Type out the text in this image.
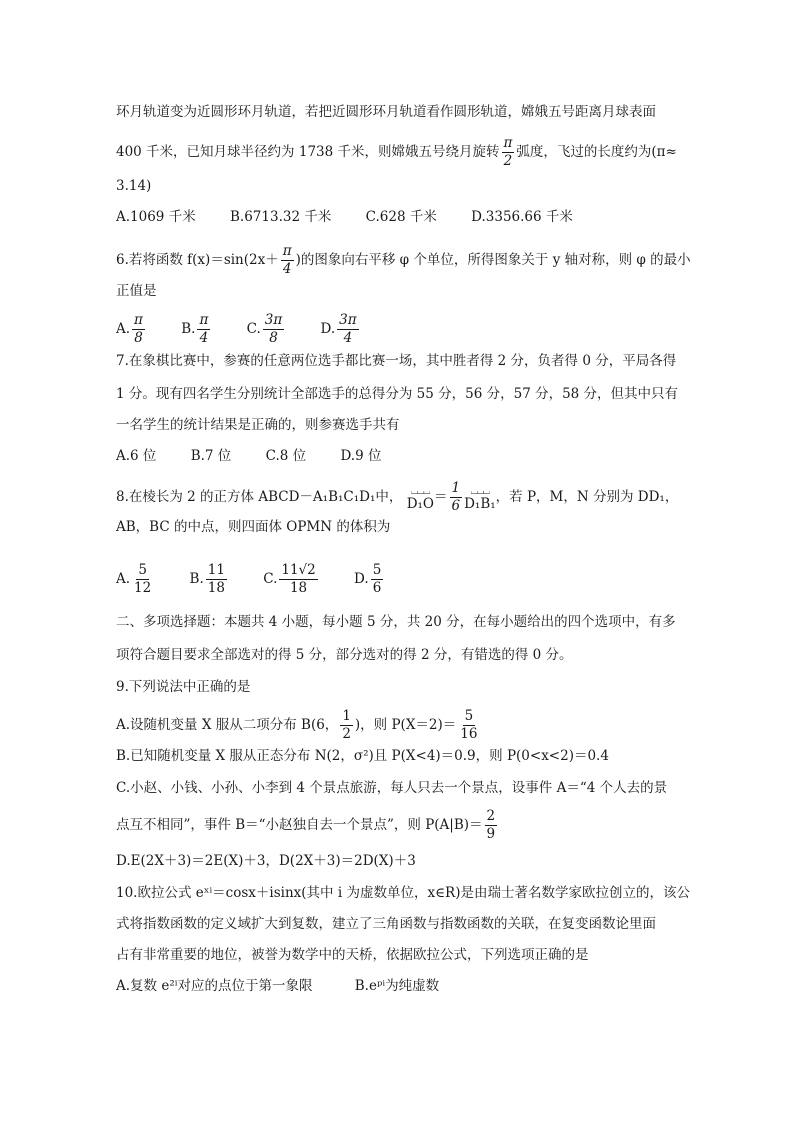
环月轨道变为近圆形环月轨道，若把近圆形环月轨道看作圆形轨道，嫦娥五号距离月球表面
400 千米，已知月球半径约为 1738 千米，则嫦娥五号绕月旋转 $\frac{\pi}{2}$ 弧度，飞过的长度约为(π≈
3.14)
A.1069 千米	B.6713.32 千米	C.628 千米	D.3356.66 千米
6.若将函数 $f(x)=\sin(2x+ \frac{\pi}{4}$ )的图象向右平移 φ 个单位，所得图象关于 y 轴对称，则 φ 的最小
正值是
A. $\frac{\pi}{8}$	B. $\frac{\pi}{4}$	C. $\frac{3\pi}{8}$	D. $\frac{3\pi}{4}$
7.在象棋比赛中，参赛的任意两位选手都比赛一场，其中胜者得 2 分，负者得 0 分，平局各得
1 分。现有四名学生分别统计全部选手的总得分为 55 分，56 分，57 分，58 分，但其中只有
一名学生的统计结果是正确的，则参赛选手共有
A.6 位	B.7 位	C.8 位	D.9 位
8.在棱长为 2 的正方体 ABCD－A₁B₁C₁D₁中， ⌴⌴⌴
$D_1O = \frac{1}{6}$ ⌴⌴⌴
D₁B₁ ，若 P，M，N 分别为 DD₁，
AB，BC 的中点，则四面体 OPMN 的体积为
A. $\frac{5}{12}$	B. $\frac{11}{18}$	C. $\frac{11√2}{18}$	D. $\frac{5}{6}$
二、多项选择题：本题共 4 小题，每小题 5 分，共 20 分，在每小题给出的四个选项中，有多
项符合题目要求全部选对的得 5 分，部分选对的得 2 分，有错选的得 0 分。
9.下列说法中正确的是
A.设随机变量 X 服从二项分布 B(6， $\frac{1}{2}$ )，则 $P(X=2)= \frac{5}{16}$
B.已知随机变量 X 服从正态分布 N(2，σ²)且 P(X<4)＝0.9，则 P(0<x<2)＝0.4
C.小赵、小钱、小孙、小李到 4 个景点旅游，每人只去一个景点，设事件 A＝“4 个人去的景
点互不相同”，事件 B＝“小赵独自去一个景点”，则 $P(A|B)= \frac{2}{9}$
D.E(2X＋3)＝2E(X)＋3，D(2X＋3)＝2D(X)＋3
10.欧拉公式 eˣⁱ＝cosx＋isinx(其中 i 为虚数单位，x∈R)是由瑞士著名数学家欧拉创立的，该公
式将指数函数的定义域扩大到复数，建立了三角函数与指数函数的关联，在复变函数论里面
占有非常重要的地位，被誉为数学中的天桥，依据欧拉公式，下列选项正确的是
A.复数 e²ⁱ对应的点位于第一象限	B.eᵖⁱ为纯虚数
